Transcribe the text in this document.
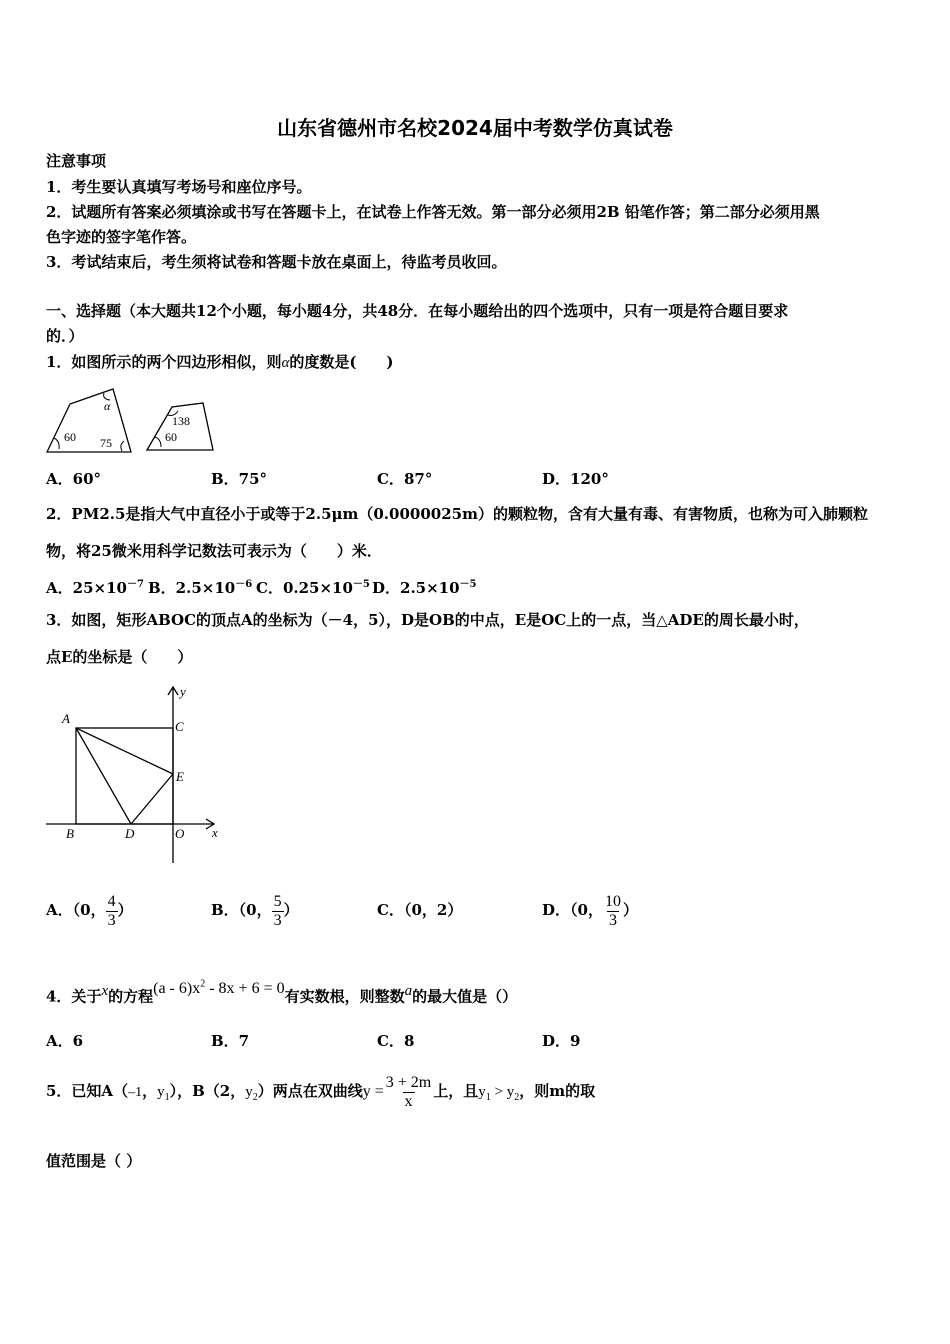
山东省德州市名校2024届中考数学仿真试卷
注意事项
1．考生要认真填写考场号和座位序号。
2．试题所有答案必须填涂或书写在答题卡上，在试卷上作答无效。第一部分必须用2B 铅笔作答；第二部分必须用黑
色字迹的签字笔作答。
3．考试结束后，考生须将试卷和答题卡放在桌面上，待监考员收回。
一、选择题（本大题共12个小题，每小题4分，共48分．在每小题给出的四个选项中，只有一项是符合题目要求
的．）
1．如图所示的两个四边形相似，则α的度数是(　　)
α
60 75
138
60
A．60°	B．75°	C．87°	D．120°
2．PM2.5是指大气中直径小于或等于2.5μm（0.0000025m）的颗粒物，含有大量有毒、有害物质，也称为可入肺颗粒
物，将25微米用科学记数法可表示为（　　）米．
A．$25\times 10^{-7}$ B．$2.5\times 10^{-6}$ C．$0.25\times 10^{-5}$ D．$2.5\times 10^{-5}$
3．如图，矩形ABOC的顶点A的坐标为（－4，5），D是OB的中点，E是OC上的一点，当△ADE的周长最小时，
点E的坐标是（　　）
A
C
E
B	D	O x
y
A．（0， $\frac{4}{3}$ ）	B．（0， $\frac{5}{3}$ ）	C．（0，2）	D．（0， $\frac{10}{3}$ ）
4．关于x的方程$(a - 6)x^2 - 8x + 6 = 0$有实数根，则整数a的最大值是（）
A．6	B．7	C．8	D．9
5．已知A（–1，$y_1$），B（2，$y_2$）两点在双曲线$y = \frac{3 + 2m}{x}$ 上，且$y_1 > y_2$，则m的取
值范围是（ ）
